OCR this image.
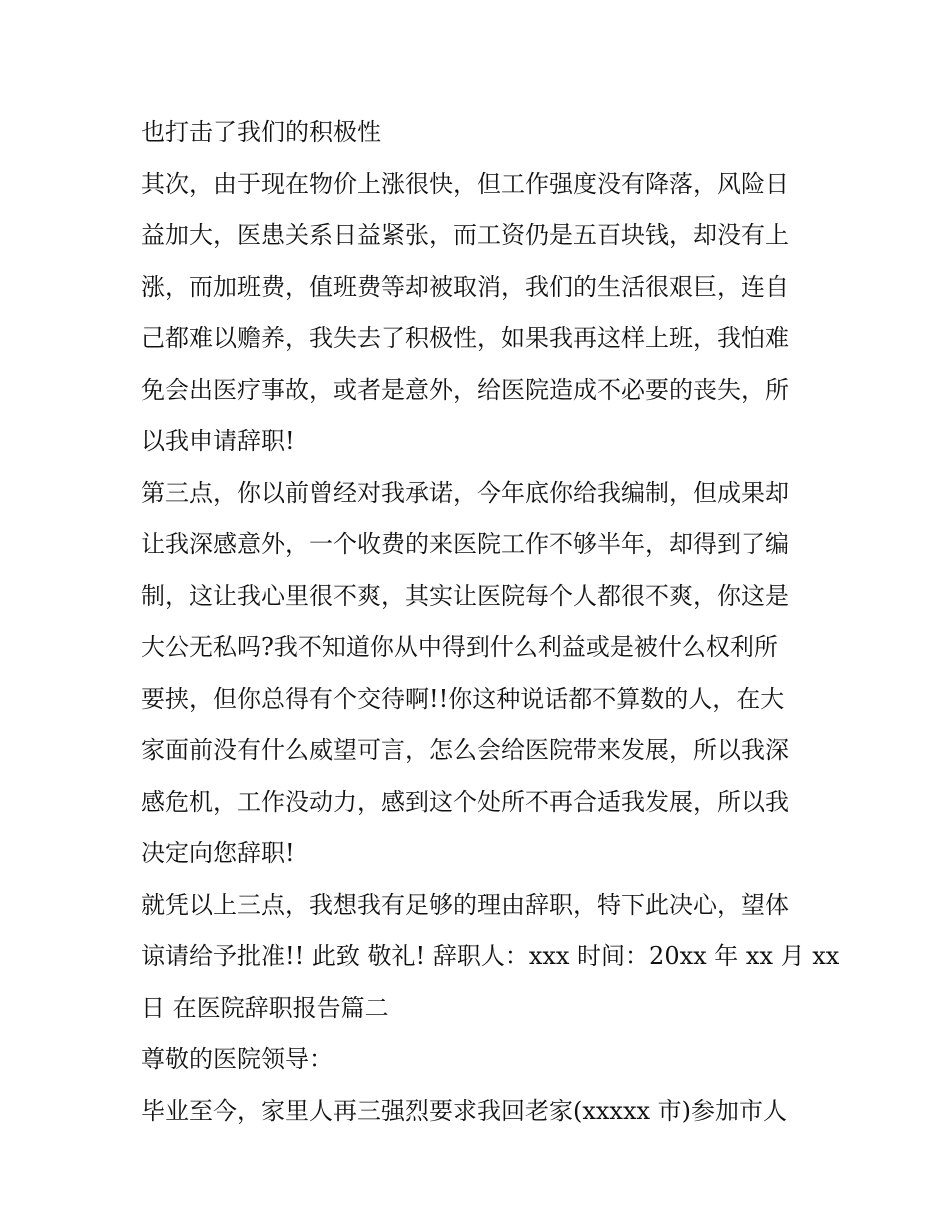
也打击了我们的积极性
其次，由于现在物价上涨很快，但工作强度没有降落，风险日
益加大，医患关系日益紧张，而工资仍是五百块钱，却没有上
涨，而加班费，值班费等却被取消，我们的生活很艰巨，连自
己都难以赡养，我失去了积极性，如果我再这样上班，我怕难
免会出医疗事故，或者是意外，给医院造成不必要的丧失，所
以我申请辞职!
第三点，你以前曾经对我承诺，今年底你给我编制，但成果却
让我深感意外，一个收费的来医院工作不够半年，却得到了编
制，这让我心里很不爽，其实让医院每个人都很不爽，你这是
大公无私吗?我不知道你从中得到什么利益或是被什么权利所
要挟，但你总得有个交待啊!!你这种说话都不算数的人，在大
家面前没有什么威望可言，怎么会给医院带来发展，所以我深
感危机，工作没动力，感到这个处所不再合适我发展，所以我
决定向您辞职!
就凭以上三点，我想我有足够的理由辞职，特下此决心，望体
谅请给予批准!! 此致 敬礼! 辞职人：xxx 时间：20xx 年 xx 月 xx
日 在医院辞职报告篇二
尊敬的医院领导：
毕业至今，家里人再三强烈要求我回老家(xxxxx 市)参加市人
